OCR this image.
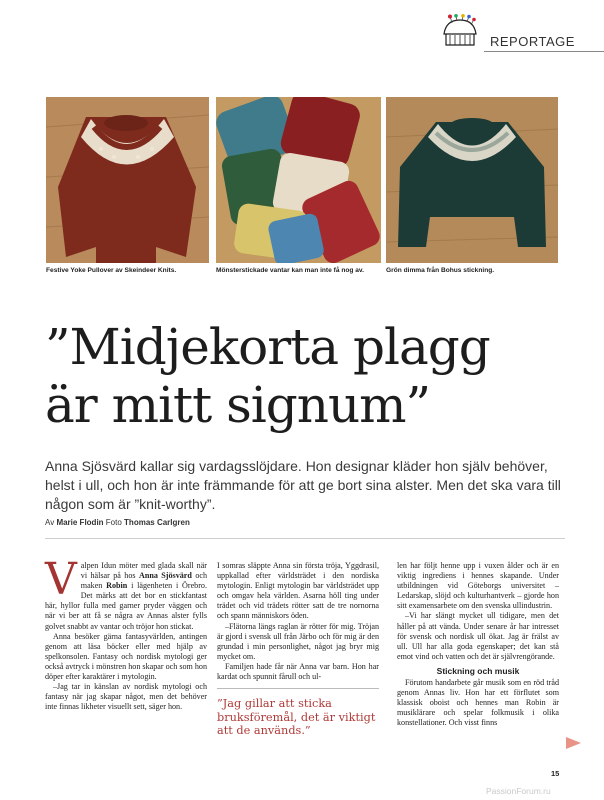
REPORTAGE
Festive Yoke Pullover av Skeindeer Knits.	Mönsterstickade vantar kan man inte få nog av.	Grön dimma från Bohus stickning.
”Midjekorta plagg
är mitt signum”

Anna Sjösvärd kallar sig vardagsslöjdare. Hon designar kläder hon själv behöver, helst i ull, och hon är inte främmande för att ge bort sina alster. Men det ska vara till någon som är ”knit-worthy”.

Av Marie Flodin Foto Thomas Carlgren

Valpen Idun möter med glada skall när vi hälsar på hos Anna Sjösvärd och maken Robin i lägenheten i Örebro. Det märks att det bor en stickfantast här, hyllor fulla med garner pryder väggen och när vi ber att få se några av Annas alster fylls golvet snabbt av vantar och tröjor hon stickat.

Anna besöker gärna fantasyvärlden, antingen genom att läsa böcker eller med hjälp av spelkonsolen. Fantasy och nordisk mytologi ger också avtryck i mönstren hon skapar och som hon döper efter karaktärer i mytologin.

–Jag tar in känslan av nordisk mytologi och fantasy när jag skapar något, men det behöver inte finnas likheter visuellt sett, säger hon.

I somras släppte Anna sin första tröja, Yggdrasil, uppkallad efter världsträdet i den nordiska mytologin. Enligt mytologin bar världsträdet upp och omgav hela världen. Asarna höll ting under trädet och vid trädets rötter satt de tre nornorna och spann människors öden.

–Flätorna längs raglan är rötter för mig. Tröjan är gjord i svensk ull från Järbo och för mig är den grundad i min personlighet, något jag bryr mig mycket om.

Familjen hade får när Anna var barn. Hon har kardat och spunnit fårull och ul-

”Jag gillar att sticka bruksföremål, det är viktigt att de används.”

len har följt henne upp i vuxen ålder och är en viktig ingrediens i hennes skapande. Under utbildningen vid Göteborgs universitet – Ledarskap, slöjd och kulturhantverk – gjorde hon sitt examensarbete om den svenska ullindustrin.

–Vi har slängt mycket ull tidigare, men det håller på att vända. Under senare år har intresset för svensk och nordisk ull ökat. Jag är frälst av ull. Ull har alla goda egenskaper; det kan stå emot vind och vatten och det är självrengörande.

Stickning och musik

Förutom handarbete går musik som en röd tråd genom Annas liv. Hon har ett förflutet som klassisk oboist och hennes man Robin är musiklärare och spelar folkmusik i olika konstellationer. Och visst finns

15
PassionForum.ru
